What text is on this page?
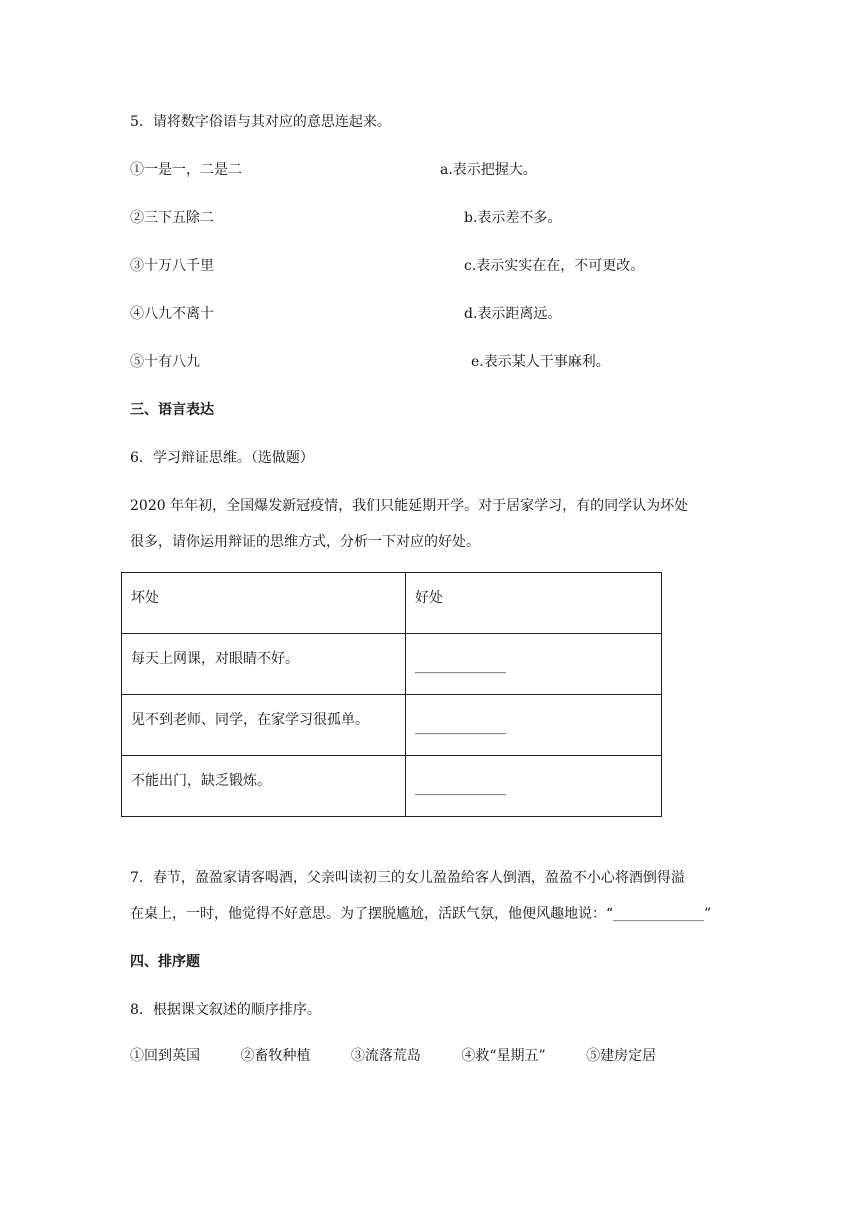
5．请将数字俗语与其对应的意思连起来。
①一是一，二是二	a.表示把握大。
②三下五除二	b.表示差不多。
③十万八千里	c.表示实实在在，不可更改。
④八九不离十	d.表示距离远。
⑤十有八九	e.表示某人干事麻利。
三、语言表达
6．学习辩证思维。（选做题）
2020 年年初，全国爆发新冠疫情，我们只能延期开学。对于居家学习，有的同学认为坏处
很多，请你运用辩证的思维方式，分析一下对应的好处。
坏处	好处
每天上网课，对眼睛不好。	_____________
见不到老师、同学，在家学习很孤单。	_____________
不能出门，缺乏锻炼。	_____________
7．春节，盈盈家请客喝酒，父亲叫读初三的女儿盈盈给客人倒酒，盈盈不小心将酒倒得溢
在桌上，一时，他觉得不好意思。为了摆脱尴尬，活跃气氛，他便风趣地说：“_____________”
四、排序题
8．根据课文叙述的顺序排序。
①回到英国	②畜牧种植	③流落荒岛	④救“星期五”	⑤建房定居
